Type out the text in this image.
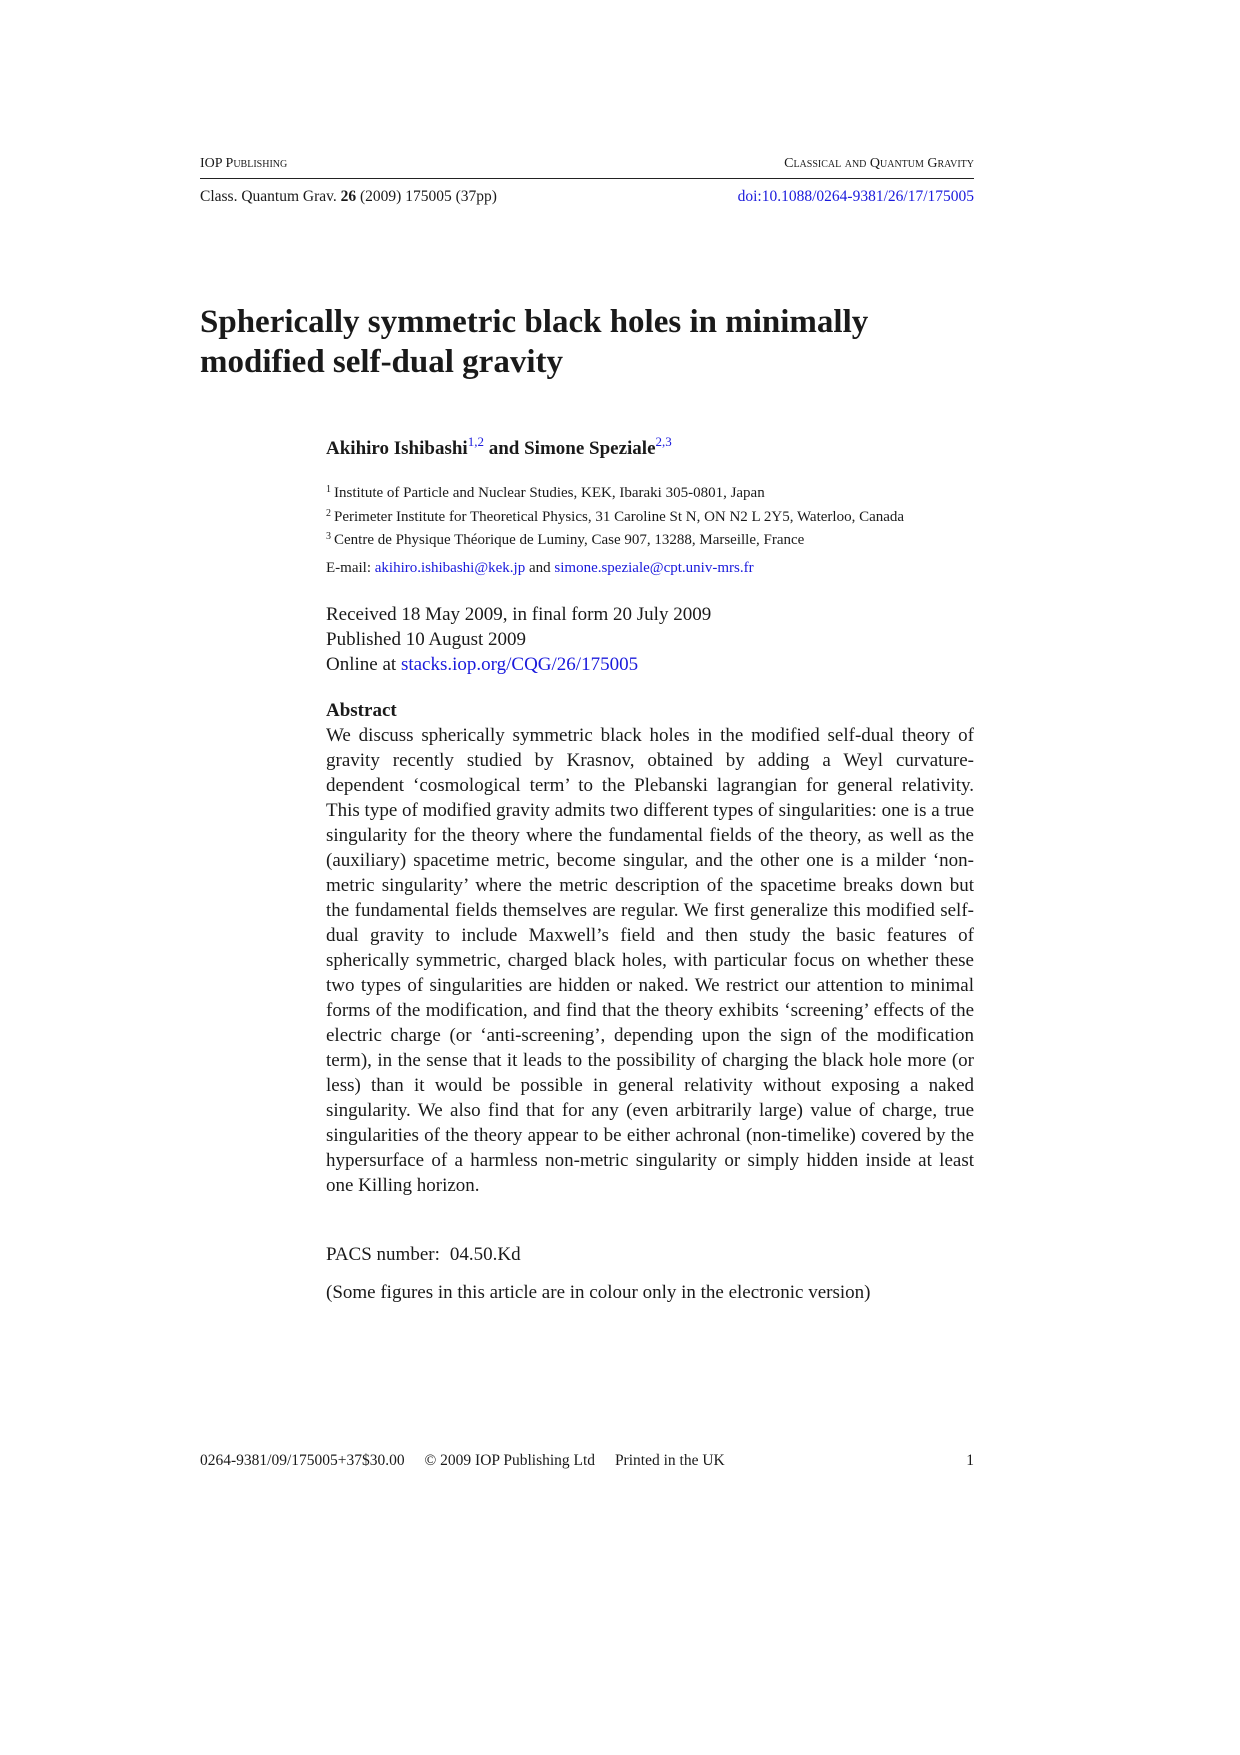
IOP Publishing	Classical and Quantum Gravity
Class. Quantum Grav. 26 (2009) 175005 (37pp)	doi:10.1088/0264-9381/26/17/175005
Spherically symmetric black holes in minimally modified self-dual gravity
Akihiro Ishibashi$^{1,2}$ and Simone Speziale$^{2,3}$
$^1$ Institute of Particle and Nuclear Studies, KEK, Ibaraki 305-0801, Japan
$^2$ Perimeter Institute for Theoretical Physics, 31 Caroline St N, ON N2 L 2Y5, Waterloo, Canada
$^3$ Centre de Physique Théorique de Luminy, Case 907, 13288, Marseille, France
E-mail: akihiro.ishibashi@kek.jp and simone.speziale@cpt.univ-mrs.fr
Received 18 May 2009, in final form 20 July 2009
Published 10 August 2009
Online at stacks.iop.org/CQG/26/175005
Abstract

We discuss spherically symmetric black holes in the modified self-dual theory of gravity recently studied by Krasnov, obtained by adding a Weyl curvature- dependent ‘cosmological term’ to the Plebanski lagrangian for general relativity. This type of modified gravity admits two different types of singularities: one is a true singularity for the theory where the fundamental fields of the theory, as well as the (auxiliary) spacetime metric, become singular, and the other one is a milder ‘non-metric singularity’ where the metric description of the spacetime breaks down but the fundamental fields themselves are regular. We first generalize this modified self-dual gravity to include Maxwell’s field and then study the basic features of spherically symmetric, charged black holes, with particular focus on whether these two types of singularities are hidden or naked. We restrict our attention to minimal forms of the modification, and find that the theory exhibits ‘screening’ effects of the electric charge (or ‘anti-screening’, depending upon the sign of the modification term), in the sense that it leads to the possibility of charging the black hole more (or less) than it would be possible in general relativity without exposing a naked singularity. We also find that for any (even arbitrarily large) value of charge, true singularities of the theory appear to be either achronal (non-timelike) covered by the hypersurface of a harmless non-metric singularity or simply hidden inside at least one Killing horizon.

PACS number: 04.50.Kd
(Some figures in this article are in colour only in the electronic version)
0264-9381/09/175005+37$30.00 © 2009 IOP Publishing Ltd Printed in the UK	1
